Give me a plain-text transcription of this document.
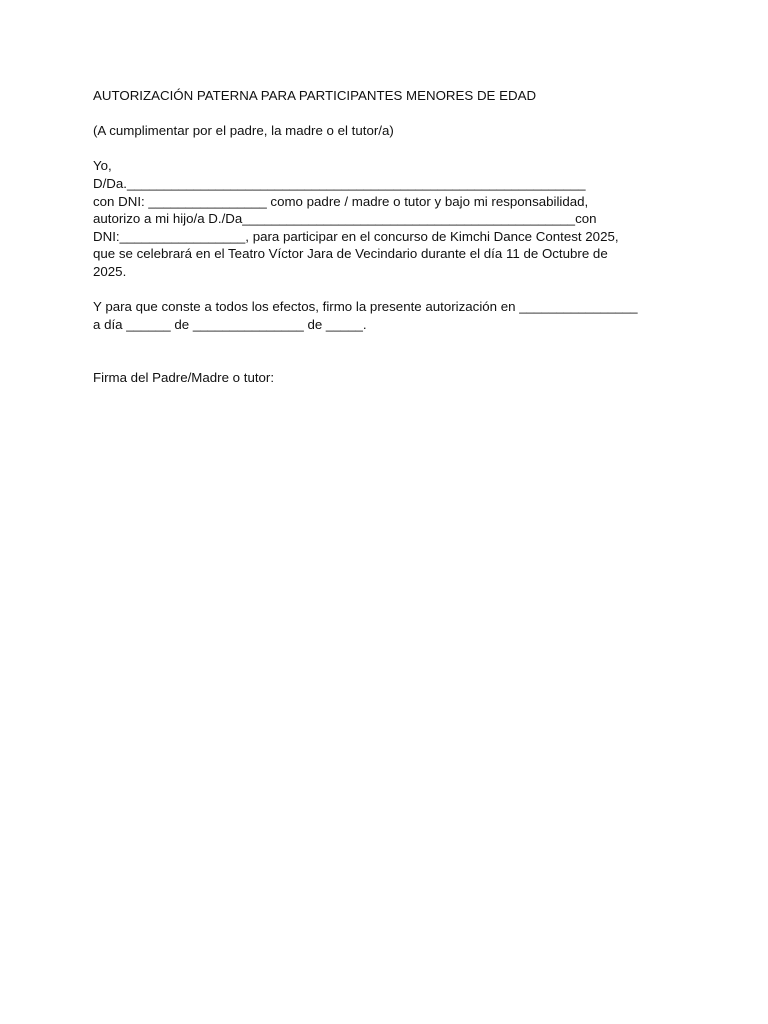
AUTORIZACIÓN PATERNA PARA PARTICIPANTES MENORES DE EDAD
(A cumplimentar por el padre, la madre o el tutor/a)
Yo,
D/Da.______________________________________________________________
con DNI: ________________ como padre / madre o tutor y bajo mi responsabilidad,
autorizo a mi hijo/a D./Da_____________________________________________con
DNI:_________________, para participar en el concurso de Kimchi Dance Contest 2025,
que se celebrará en el Teatro Víctor Jara de Vecindario durante el día 11 de Octubre de
2025.
Y para que conste a todos los efectos, firmo la presente autorización en ________________
a día ______ de _______________ de _____.
Firma del Padre/Madre o tutor:
